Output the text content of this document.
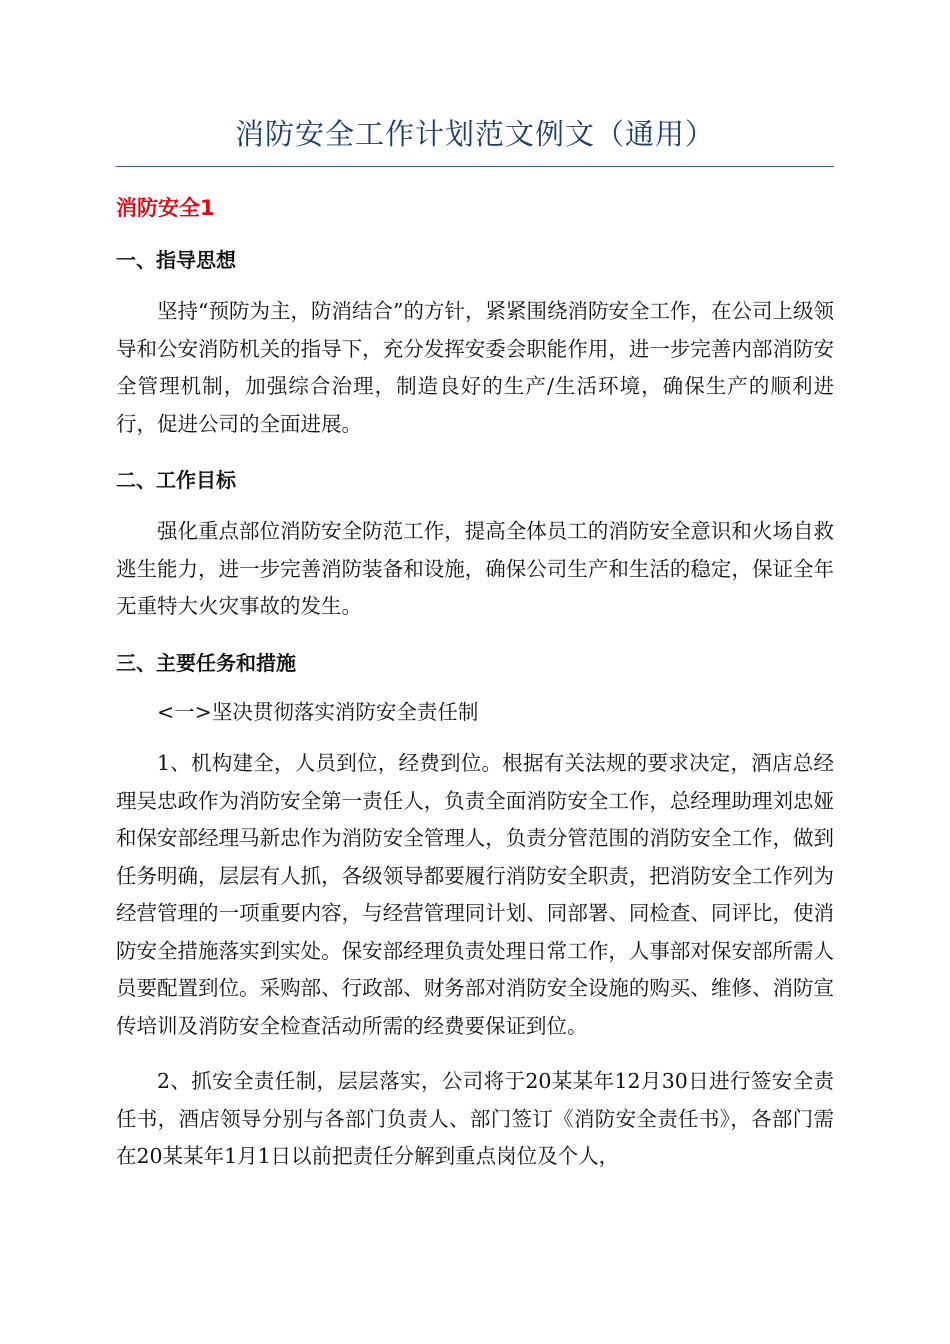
消防安全工作计划范文例文（通用）
消防安全1
一、指导思想

坚持“预防为主，防消结合”的方针，紧紧围绕消防安全工作，在公司上级领导和公安消防机关的指导下，充分发挥安委会职能作用，进一步完善内部消防安全管理机制，加强综合治理，制造良好的生产/生活环境，确保生产的顺利进行，促进公司的全面进展。

二、工作目标

强化重点部位消防安全防范工作，提高全体员工的消防安全意识和火场自救逃生能力，进一步完善消防装备和设施，确保公司生产和生活的稳定，保证全年无重特大火灾事故的发生。

三、主要任务和措施

<一>坚决贯彻落实消防安全责任制

1、机构建全，人员到位，经费到位。根据有关法规的要求决定，酒店总经理吴忠政作为消防安全第一责任人，负责全面消防安全工作，总经理助理刘忠娅和保安部经理马新忠作为消防安全管理人，负责分管范围的消防安全工作，做到任务明确，层层有人抓，各级领导都要履行消防安全职责，把消防安全工作列为经营管理的一项重要内容，与经营管理同计划、同部署、同检查、同评比，使消防安全措施落实到实处。保安部经理负责处理日常工作，人事部对保安部所需人员要配置到位。采购部、行政部、财务部对消防安全设施的购买、维修、消防宣传培训及消防安全检查活动所需的经费要保证到位。

2、抓安全责任制，层层落实，公司将于20某某年12月30日进行签安全责任书，酒店领导分别与各部门负责人、部门签订《消防安全责任书》，各部门需在20某某年1月1日以前把责任分解到重点岗位及个人，
